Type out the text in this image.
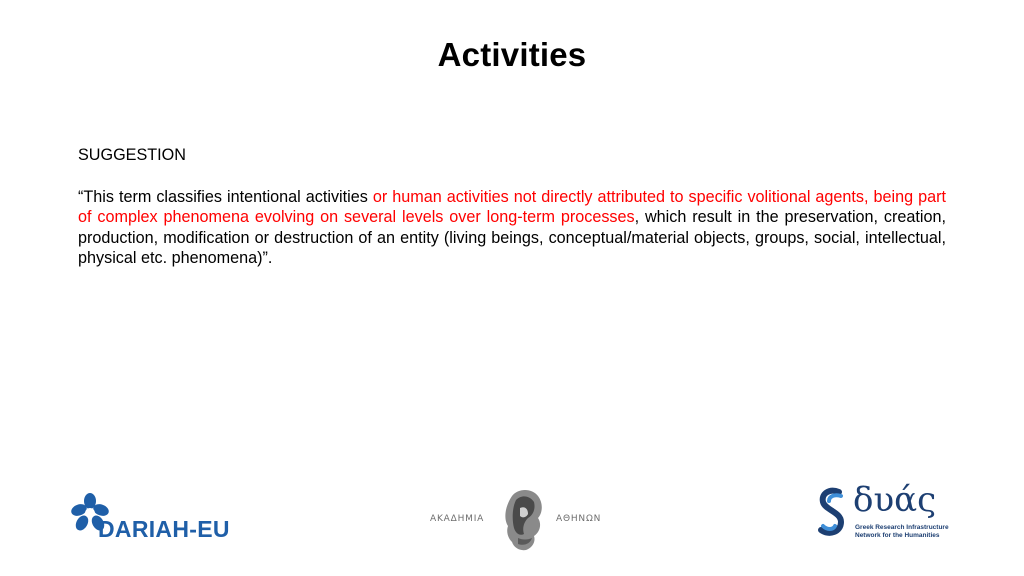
Activities

SUGGESTION

“This term classifies intentional activities or human activities not directly attributed to specific volitional agents, being part of complex phenomena evolving on several levels over long-term processes, which result in the preservation, creation, production, modification or destruction of an entity (living beings, conceptual/material objects, groups, social, intellectual, physical etc. phenomena)”.

DARIAH-EU	ΑΚΑΔΗΜΙΑ	ΑΘΗΝΩΝ	δυάς
Greek Research Infrastructure
Network for the Humanities
